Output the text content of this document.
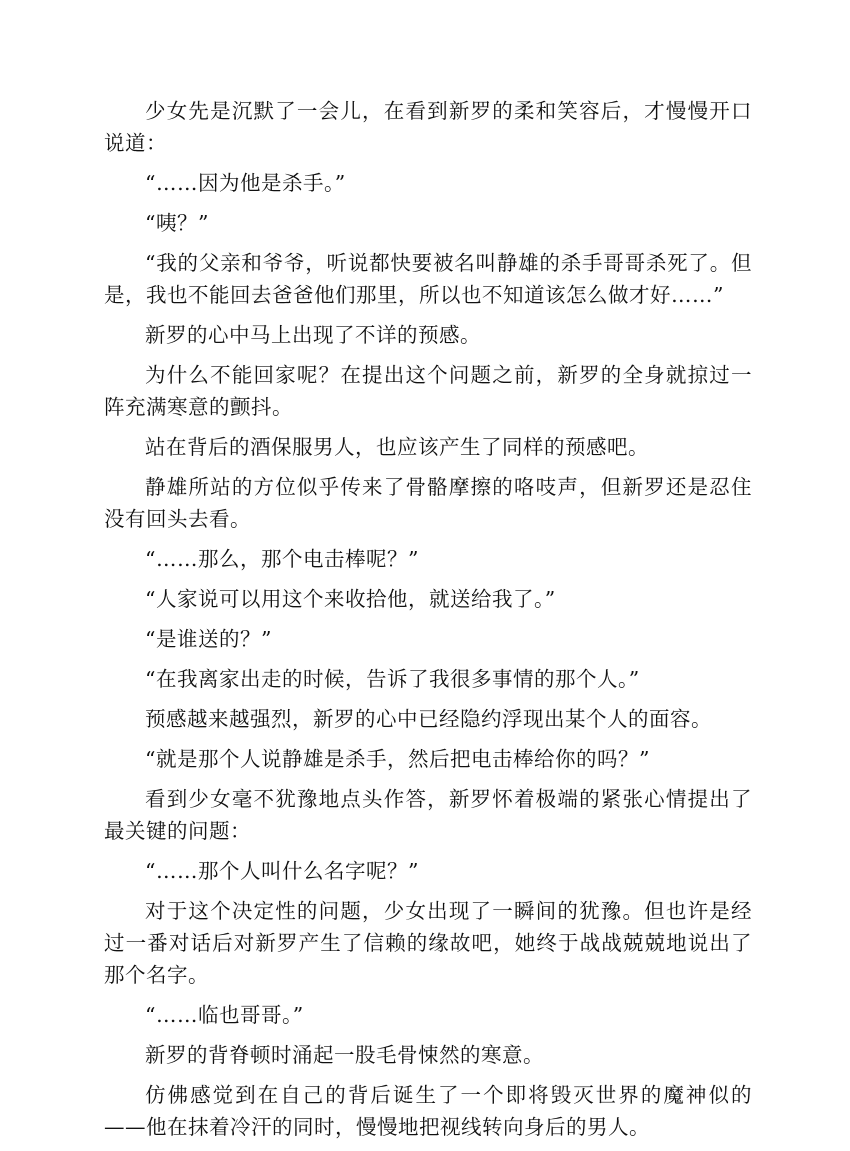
少女先是沉默了一会儿，在看到新罗的柔和笑容后，才慢慢开口说道：

“……因为他是杀手。”

“咦？”

“我的父亲和爷爷，听说都快要被名叫静雄的杀手哥哥杀死了。但是，我也不能回去爸爸他们那里，所以也不知道该怎么做才好……”

新罗的心中马上出现了不详的预感。

为什么不能回家呢？在提出这个问题之前，新罗的全身就掠过一阵充满寒意的颤抖。

站在背后的酒保服男人，也应该产生了同样的预感吧。

静雄所站的方位似乎传来了骨骼摩擦的咯吱声，但新罗还是忍住没有回头去看。

“……那么，那个电击棒呢？”

“人家说可以用这个来收拾他，就送给我了。”

“是谁送的？”

“在我离家出走的时候，告诉了我很多事情的那个人。”

预感越来越强烈，新罗的心中已经隐约浮现出某个人的面容。

“就是那个人说静雄是杀手，然后把电击棒给你的吗？”

看到少女毫不犹豫地点头作答，新罗怀着极端的紧张心情提出了最关键的问题：

“……那个人叫什么名字呢？”

对于这个决定性的问题，少女出现了一瞬间的犹豫。但也许是经过一番对话后对新罗产生了信赖的缘故吧，她终于战战兢兢地说出了那个名字。

“……临也哥哥。”

新罗的背脊顿时涌起一股毛骨悚然的寒意。

仿佛感觉到在自己的背后诞生了一个即将毁灭世界的魔神似的——他在抹着冷汗的同时，慢慢地把视线转向身后的男人。
